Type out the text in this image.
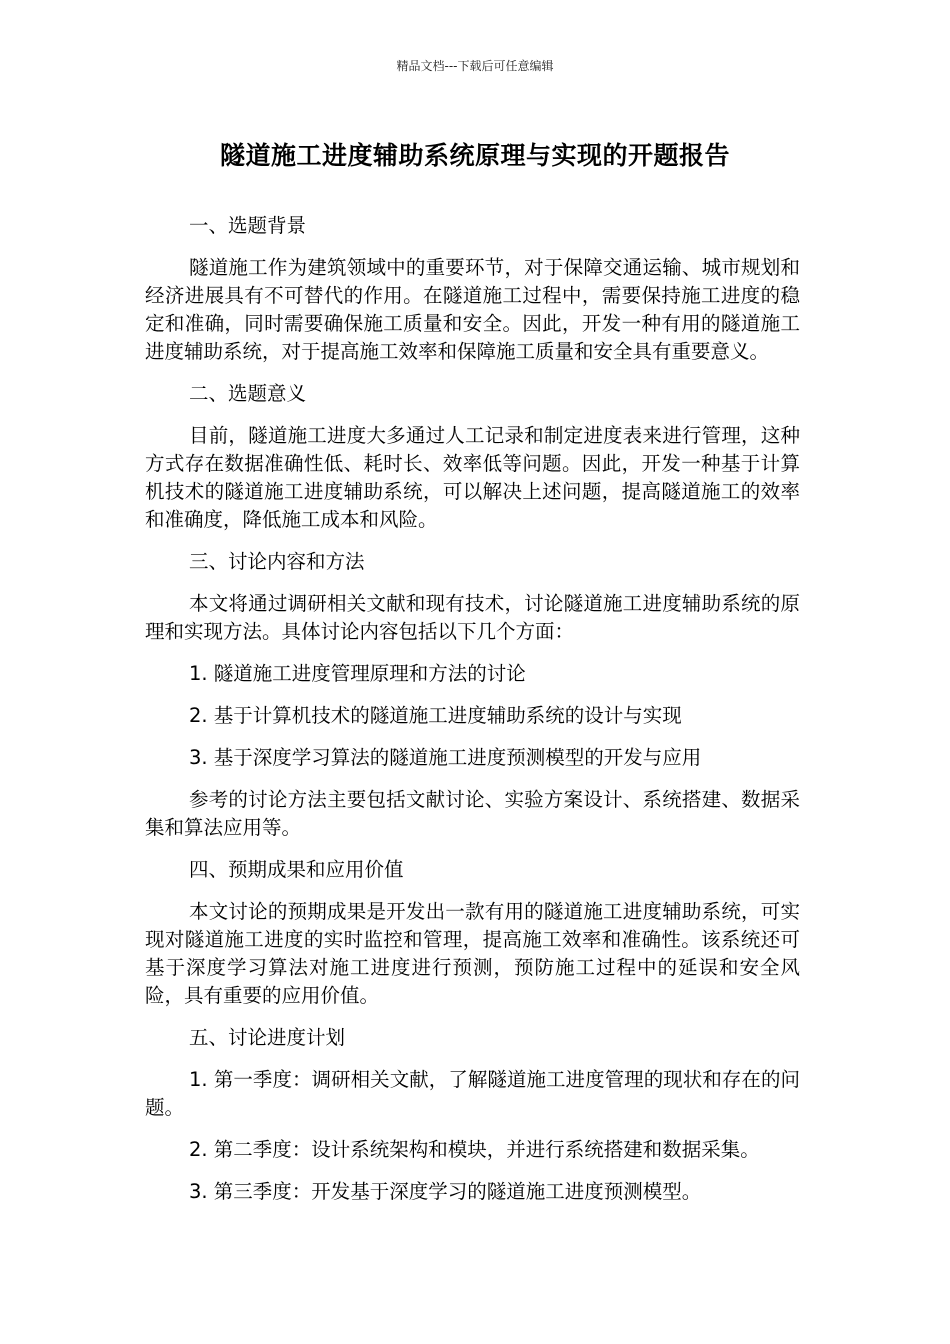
精品文档---下载后可任意编辑
隧道施工进度辅助系统原理与实现的开题报告
一、选题背景

隧道施工作为建筑领域中的重要环节，对于保障交通运输、城市规划和经济进展具有不可替代的作用。在隧道施工过程中，需要保持施工进度的稳定和准确，同时需要确保施工质量和安全。因此，开发一种有用的隧道施工进度辅助系统，对于提高施工效率和保障施工质量和安全具有重要意义。

二、选题意义

目前，隧道施工进度大多通过人工记录和制定进度表来进行管理，这种方式存在数据准确性低、耗时长、效率低等问题。因此，开发一种基于计算机技术的隧道施工进度辅助系统，可以解决上述问题，提高隧道施工的效率和准确度，降低施工成本和风险。

三、讨论内容和方法

本文将通过调研相关文献和现有技术，讨论隧道施工进度辅助系统的原理和实现方法。具体讨论内容包括以下几个方面：

1. 隧道施工进度管理原理和方法的讨论

2. 基于计算机技术的隧道施工进度辅助系统的设计与实现

3. 基于深度学习算法的隧道施工进度预测模型的开发与应用

参考的讨论方法主要包括文献讨论、实验方案设计、系统搭建、数据采集和算法应用等。

四、预期成果和应用价值

本文讨论的预期成果是开发出一款有用的隧道施工进度辅助系统，可实现对隧道施工进度的实时监控和管理，提高施工效率和准确性。该系统还可基于深度学习算法对施工进度进行预测，预防施工过程中的延误和安全风险，具有重要的应用价值。

五、讨论进度计划

1. 第一季度：调研相关文献，了解隧道施工进度管理的现状和存在的问题。

2. 第二季度：设计系统架构和模块，并进行系统搭建和数据采集。

3. 第三季度：开发基于深度学习的隧道施工进度预测模型。
